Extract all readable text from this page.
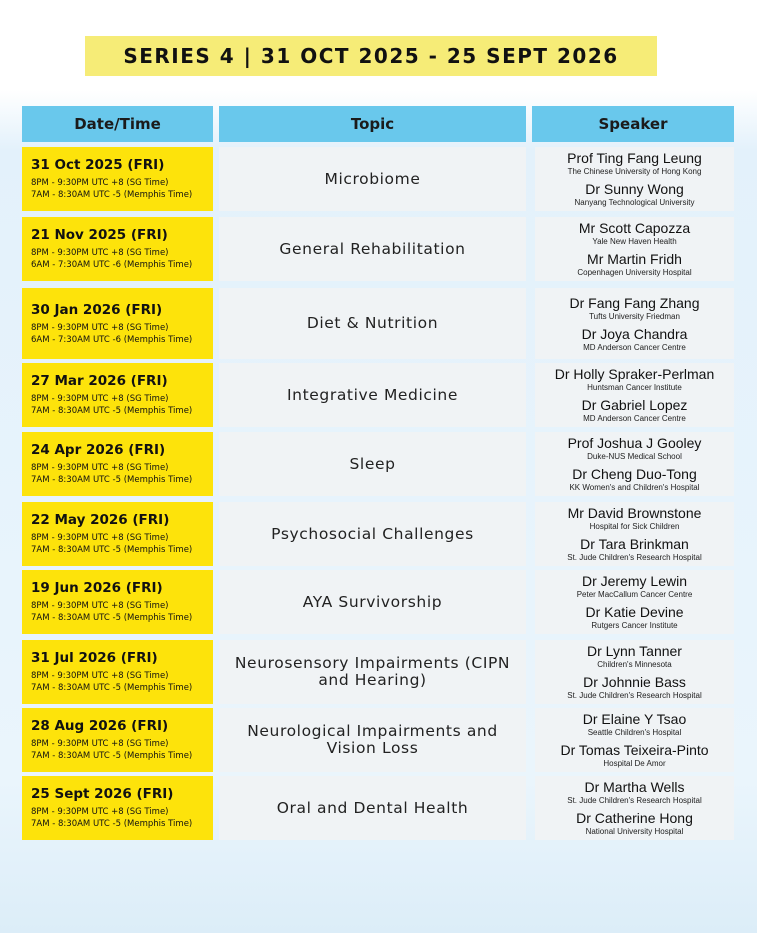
SERIES 4 | 31 OCT 2025 - 25 SEPT 2026
Date/Time	Topic	Speaker
31 Oct 2025 (FRI)
8PM - 9:30PM UTC +8 (SG Time)
7AM - 8:30AM UTC -5 (Memphis Time)
Microbiome
Prof Ting Fang Leung
The Chinese University of Hong Kong
Dr Sunny Wong
Nanyang Technological University
21 Nov 2025 (FRI)
8PM - 9:30PM UTC +8 (SG Time)
6AM - 7:30AM UTC -6 (Memphis Time)
General Rehabilitation
Mr Scott Capozza
Yale New Haven Health
Mr Martin Fridh
Copenhagen University Hospital
30 Jan 2026 (FRI)
8PM - 9:30PM UTC +8 (SG Time)
6AM - 7:30AM UTC -6 (Memphis Time)
Diet & Nutrition
Dr Fang Fang Zhang
Tufts University Friedman
Dr Joya Chandra
MD Anderson Cancer Centre
27 Mar 2026 (FRI)
8PM - 9:30PM UTC +8 (SG Time)
7AM - 8:30AM UTC -5 (Memphis Time)
Integrative Medicine
Dr Holly Spraker-Perlman
Huntsman Cancer Institute
Dr Gabriel Lopez
MD Anderson Cancer Centre
24 Apr 2026 (FRI)
8PM - 9:30PM UTC +8 (SG Time)
7AM - 8:30AM UTC -5 (Memphis Time)
Sleep
Prof Joshua J Gooley
Duke-NUS Medical School
Dr Cheng Duo-Tong
KK Women's and Children's Hospital
22 May 2026 (FRI)
8PM - 9:30PM UTC +8 (SG Time)
7AM - 8:30AM UTC -5 (Memphis Time)
Psychosocial Challenges
Mr David Brownstone
Hospital for Sick Children
Dr Tara Brinkman
St. Jude Children's Research Hospital
19 Jun 2026 (FRI)
8PM - 9:30PM UTC +8 (SG Time)
7AM - 8:30AM UTC -5 (Memphis Time)
AYA Survivorship
Dr Jeremy Lewin
Peter MacCallum Cancer Centre
Dr Katie Devine
Rutgers Cancer Institute
31 Jul 2026 (FRI)
8PM - 9:30PM UTC +8 (SG Time)
7AM - 8:30AM UTC -5 (Memphis Time)
Neurosensory Impairments (CIPN and Hearing)
Dr Lynn Tanner
Children's Minnesota
Dr Johnnie Bass
St. Jude Children's Research Hospital
28 Aug 2026 (FRI)
8PM - 9:30PM UTC +8 (SG Time)
7AM - 8:30AM UTC -5 (Memphis Time)
Neurological Impairments and Vision Loss
Dr Elaine Y Tsao
Seattle Children's Hospital
Dr Tomas Teixeira-Pinto
Hospital De Amor
25 Sept 2026 (FRI)
8PM - 9:30PM UTC +8 (SG Time)
7AM - 8:30AM UTC -5 (Memphis Time)
Oral and Dental Health
Dr Martha Wells
St. Jude Children's Research Hospital
Dr Catherine Hong
National University Hospital
